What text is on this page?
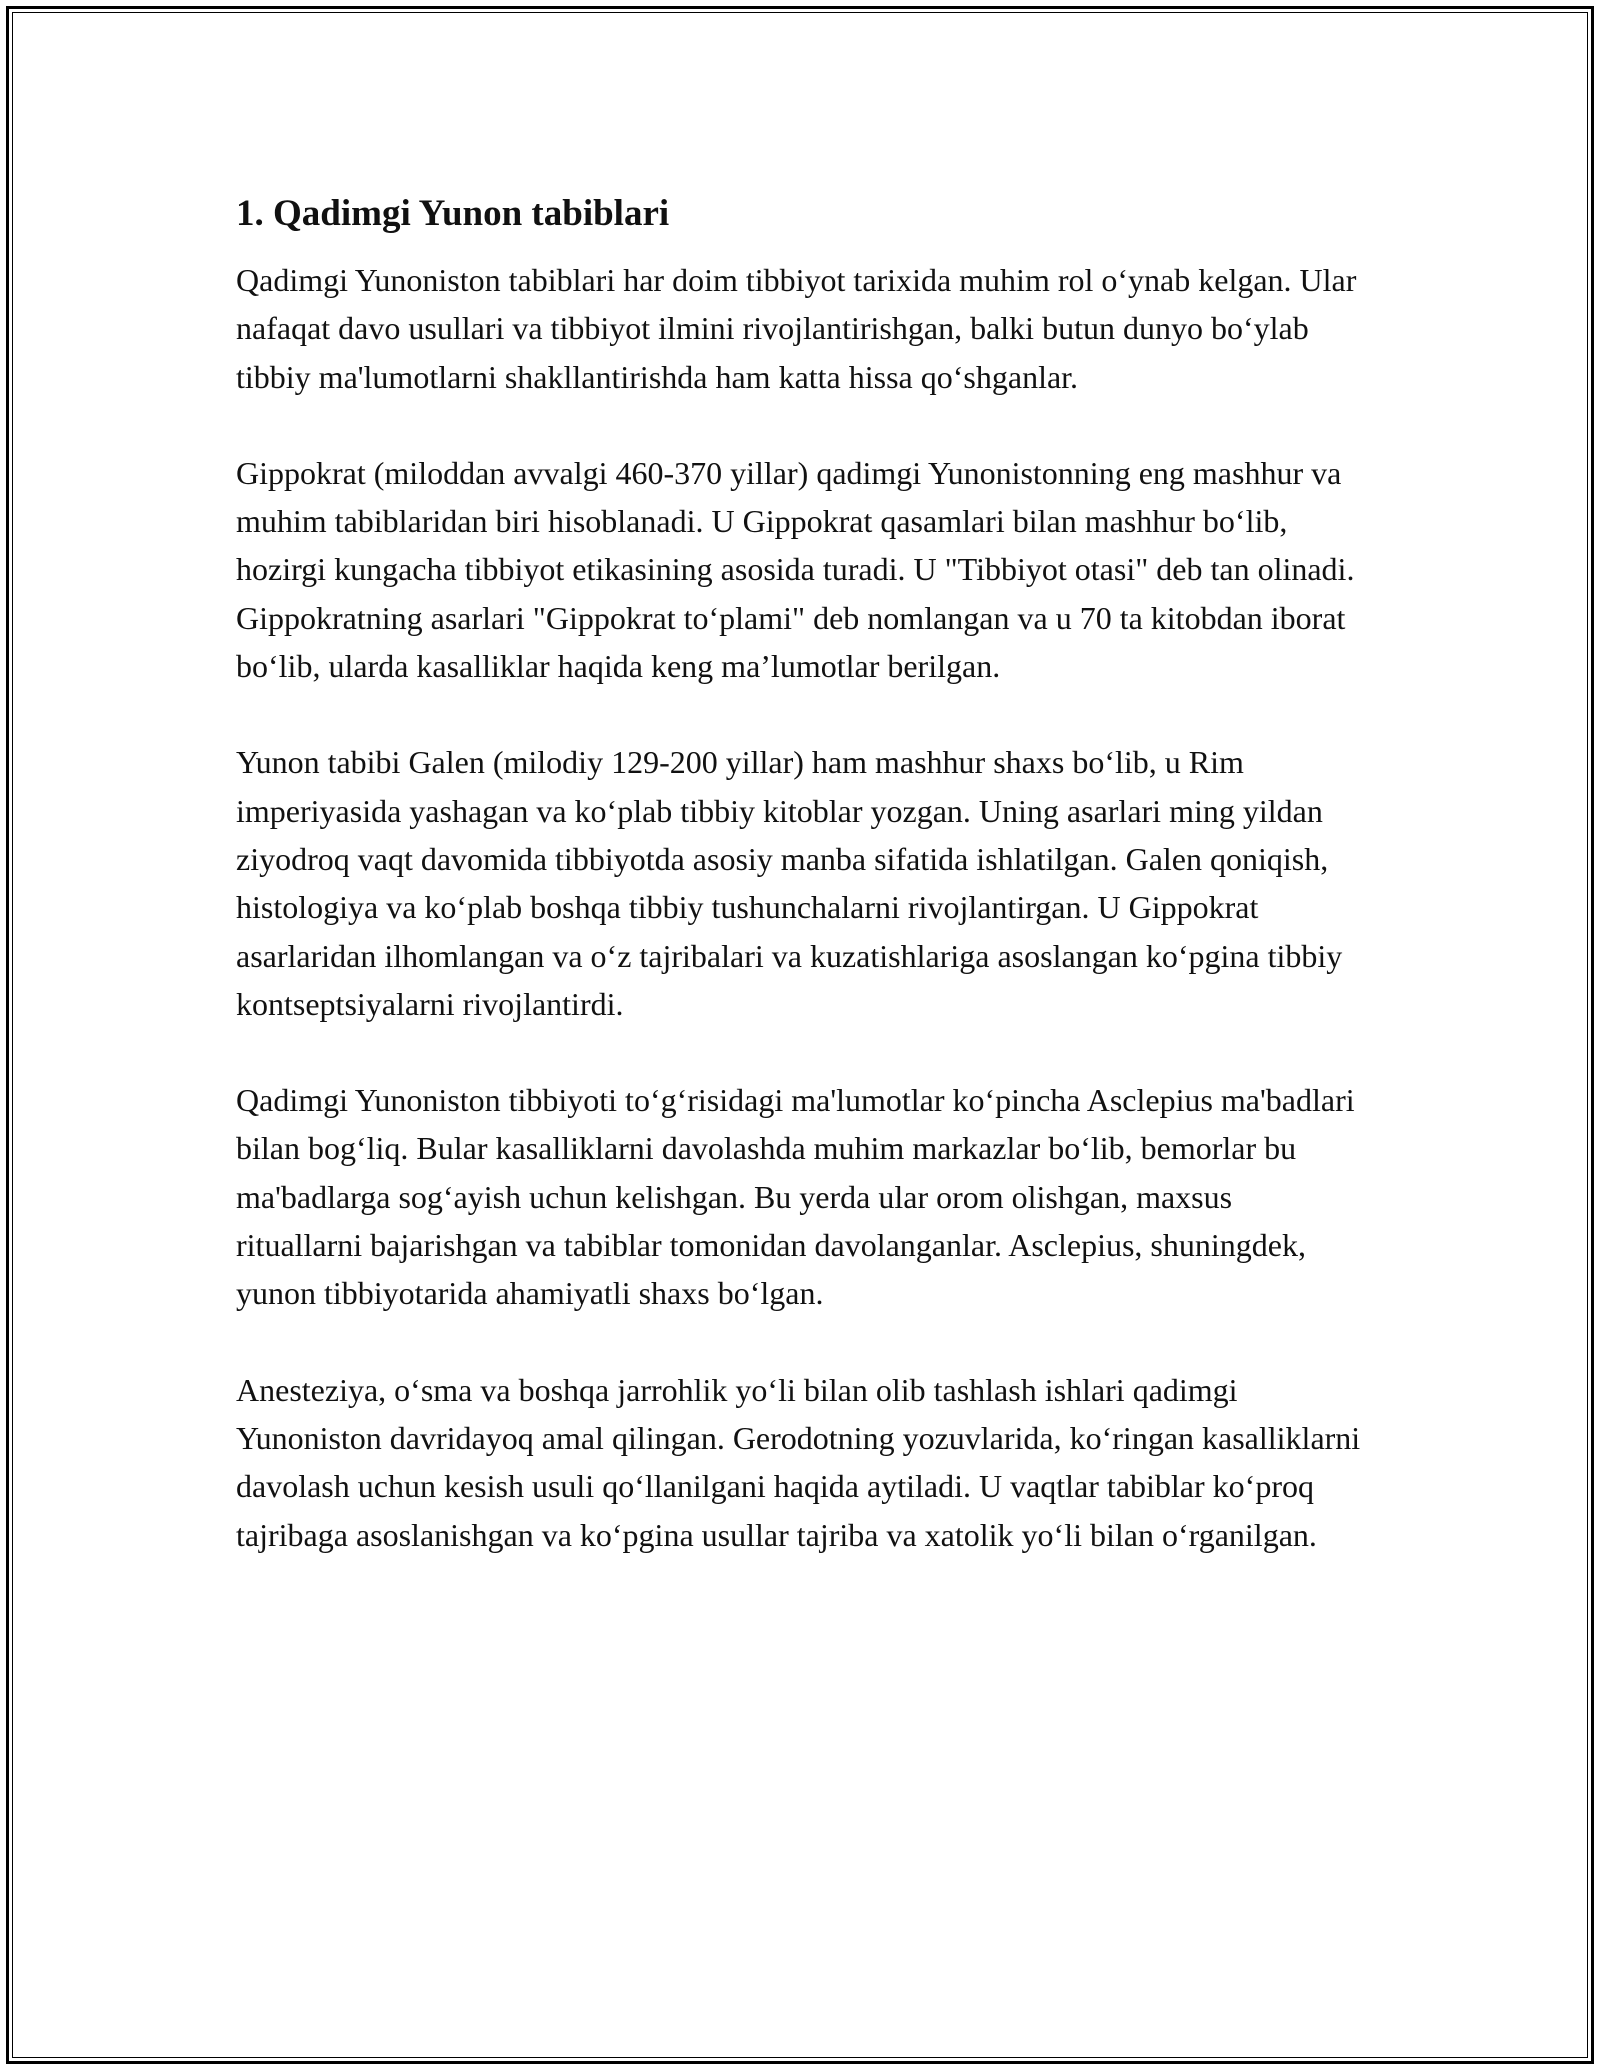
1. Qadimgi Yunon tabiblari

Qadimgi Yunoniston tabiblari har doim tibbiyot tarixida muhim rol o‘ynab kelgan. Ular nafaqat davo usullari va tibbiyot ilmini rivojlantirishgan, balki butun dunyo bo‘ylab tibbiy ma'lumotlarni shakllantirishda ham katta hissa qo‘shganlar.

Gippokrat (miloddan avvalgi 460-370 yillar) qadimgi Yunonistonning eng mashhur va muhim tabiblaridan biri hisoblanadi. U Gippokrat qasamlari bilan mashhur bo‘lib, hozirgi kungacha tibbiyot etikasining asosida turadi. U "Tibbiyot otasi" deb tan olinadi. Gippokratning asarlari "Gippokrat to‘plami" deb nomlangan va u 70 ta kitobdan iborat bo‘lib, ularda kasalliklar haqida keng ma’lumotlar berilgan.

Yunon tabibi Galen (milodiy 129-200 yillar) ham mashhur shaxs bo‘lib, u Rim imperiyasida yashagan va ko‘plab tibbiy kitoblar yozgan. Uning asarlari ming yildan ziyodroq vaqt davomida tibbiyotda asosiy manba sifatida ishlatilgan. Galen qoniqish, histologiya va ko‘plab boshqa tibbiy tushunchalarni rivojlantirgan. U Gippokrat asarlaridan ilhomlangan va o‘z tajribalari va kuzatishlariga asoslangan ko‘pgina tibbiy kontseptsiyalarni rivojlantirdi.

Qadimgi Yunoniston tibbiyoti to‘g‘risidagi ma'lumotlar ko‘pincha Asclepius ma'badlari bilan bog‘liq. Bular kasalliklarni davolashda muhim markazlar bo‘lib, bemorlar bu ma'badlarga sog‘ayish uchun kelishgan. Bu yerda ular orom olishgan, maxsus rituallarni bajarishgan va tabiblar tomonidan davolanganlar. Asclepius, shuningdek, yunon tibbiyotarida ahamiyatli shaxs bo‘lgan.

Anesteziya, o‘sma va boshqa jarrohlik yo‘li bilan olib tashlash ishlari qadimgi Yunoniston davridayoq amal qilingan. Gerodotning yozuvlarida, ko‘ringan kasalliklarni davolash uchun kesish usuli qo‘llanilgani haqida aytiladi. U vaqtlar tabiblar ko‘proq tajribaga asoslanishgan va ko‘pgina usullar tajriba va xatolik yo‘li bilan o‘rganilgan.
